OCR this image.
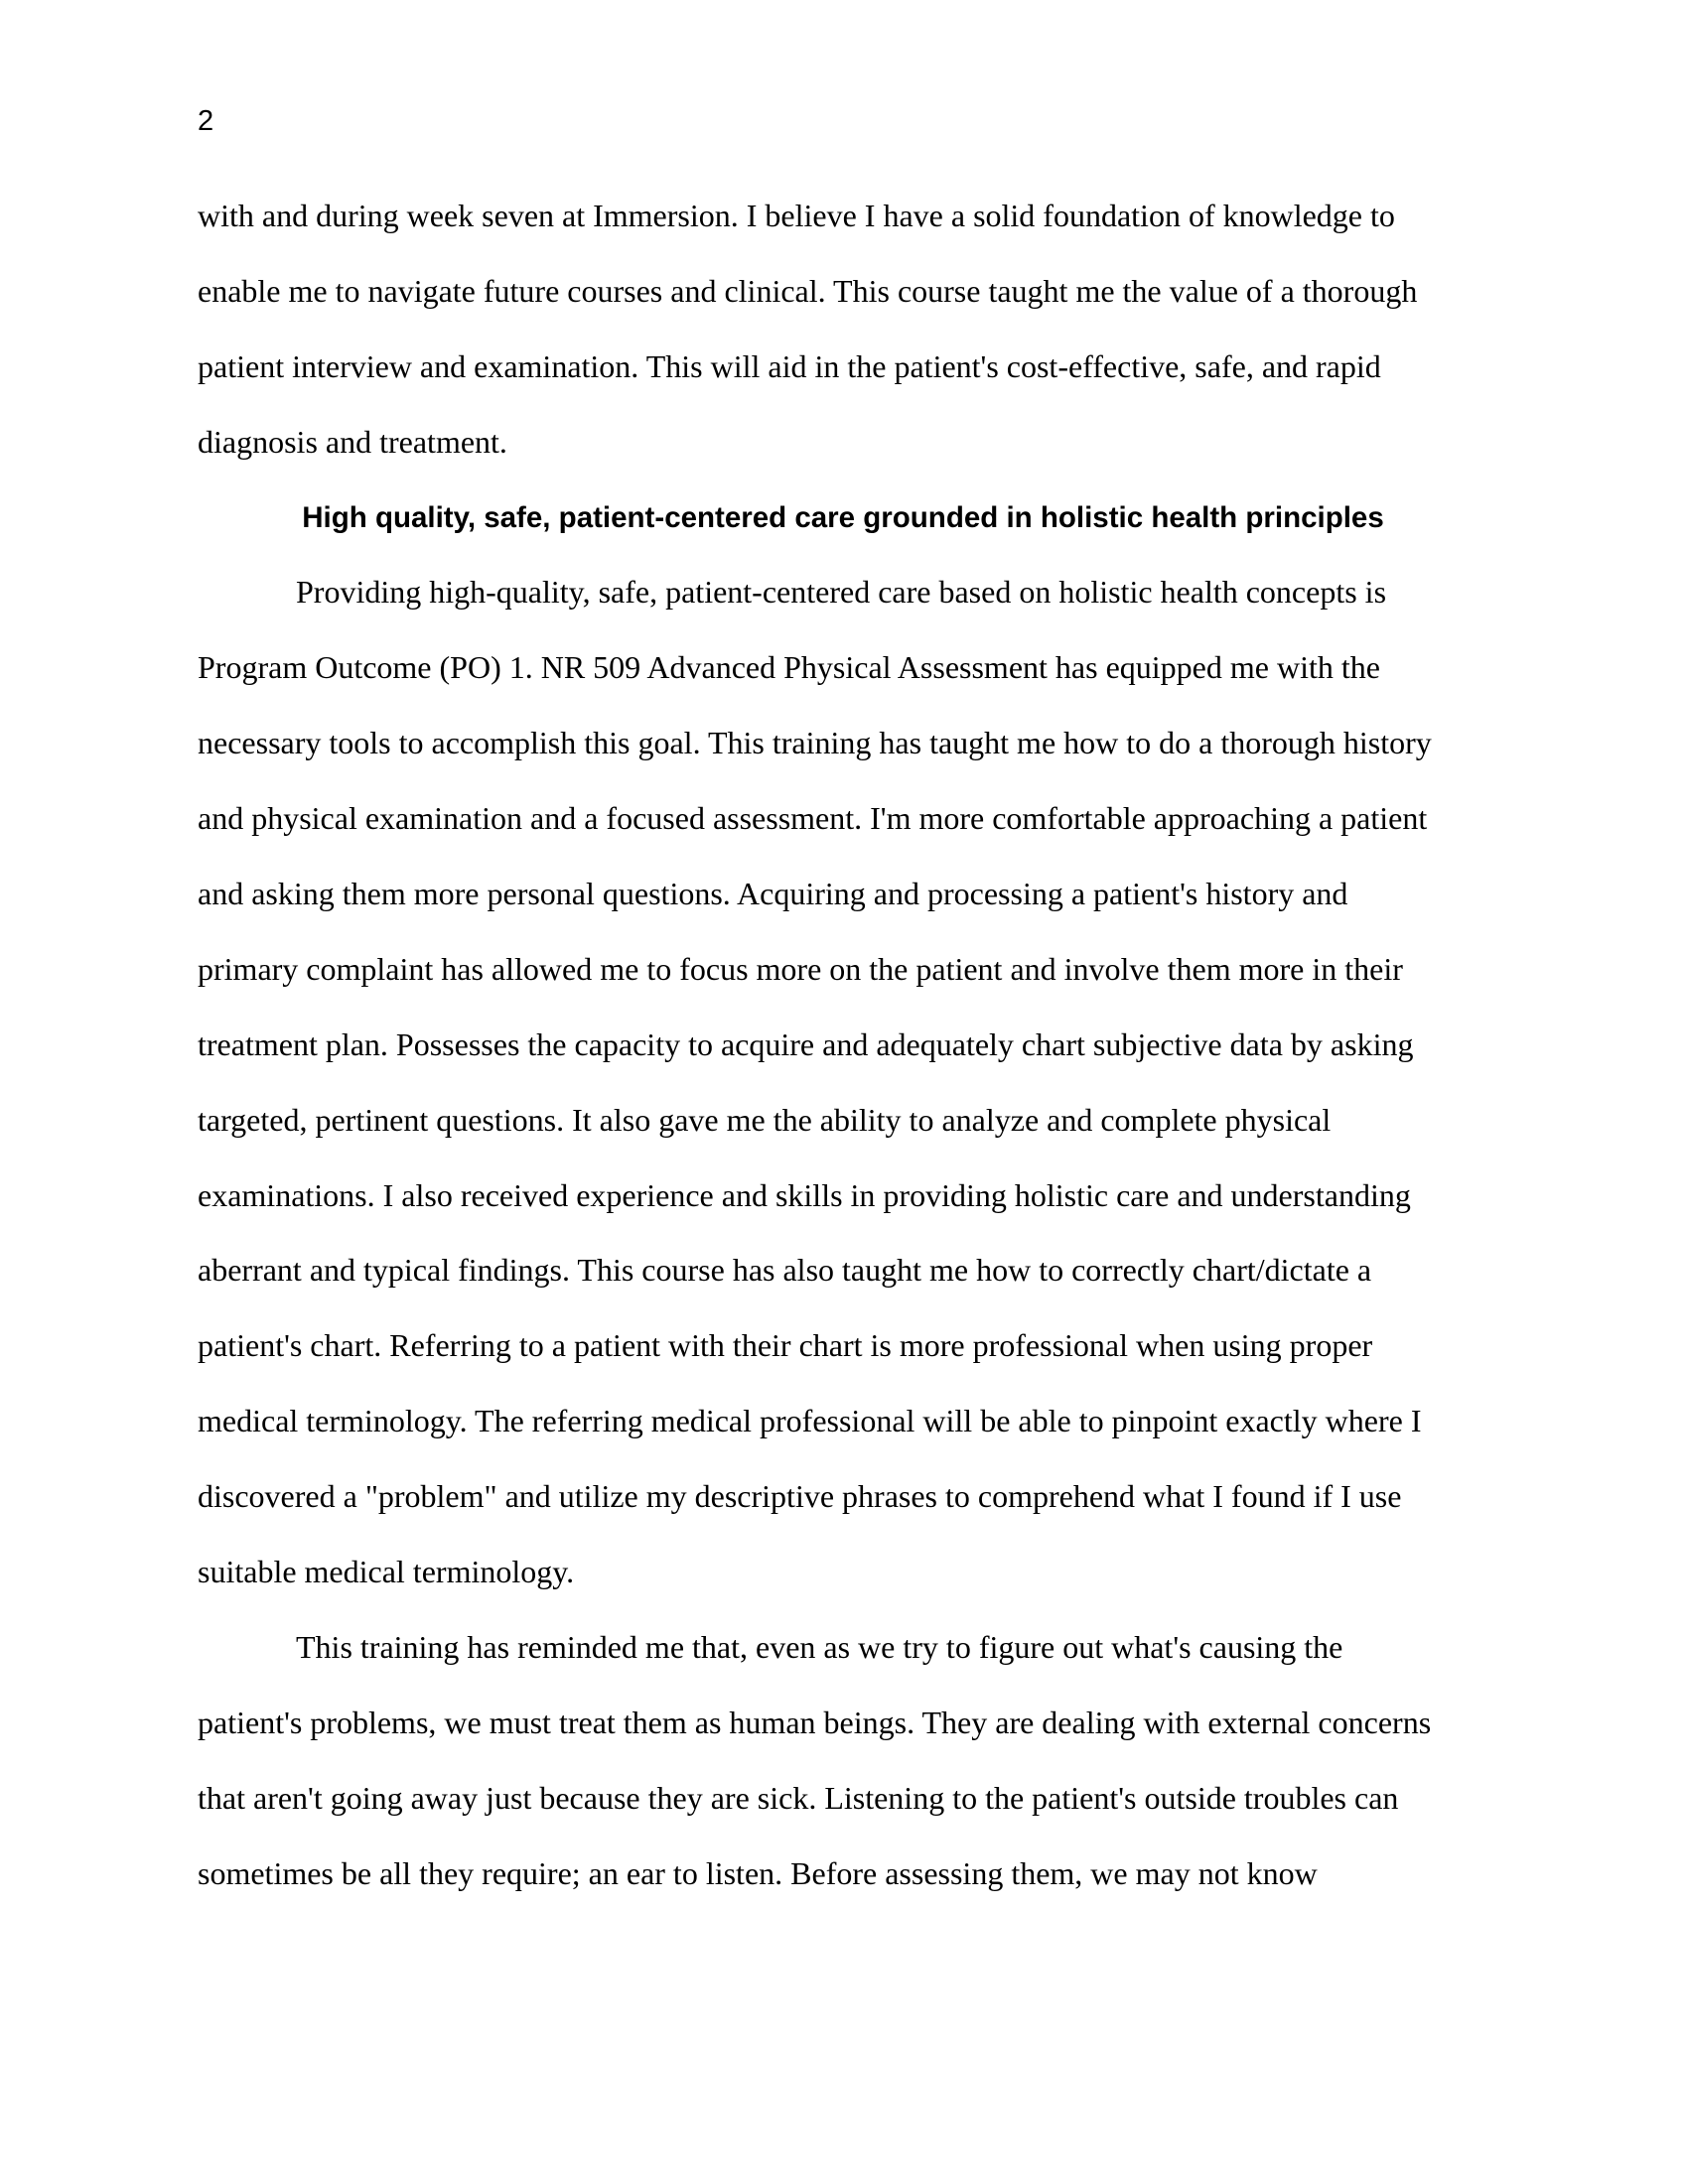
2
with and during week seven at Immersion. I believe I have a solid foundation of knowledge to
enable me to navigate future courses and clinical. This course taught me the value of a thorough
patient interview and examination. This will aid in the patient's cost-effective, safe, and rapid
diagnosis and treatment.
High quality, safe, patient-centered care grounded in holistic health principles
Providing high-quality, safe, patient-centered care based on holistic health concepts is
Program Outcome (PO) 1. NR 509 Advanced Physical Assessment has equipped me with the
necessary tools to accomplish this goal. This training has taught me how to do a thorough history
and physical examination and a focused assessment. I'm more comfortable approaching a patient
and asking them more personal questions. Acquiring and processing a patient's history and
primary complaint has allowed me to focus more on the patient and involve them more in their
treatment plan. Possesses the capacity to acquire and adequately chart subjective data by asking
targeted, pertinent questions. It also gave me the ability to analyze and complete physical
examinations. I also received experience and skills in providing holistic care and understanding
aberrant and typical findings. This course has also taught me how to correctly chart/dictate a
patient's chart. Referring to a patient with their chart is more professional when using proper
medical terminology. The referring medical professional will be able to pinpoint exactly where I
discovered a "problem" and utilize my descriptive phrases to comprehend what I found if I use
suitable medical terminology.
This training has reminded me that, even as we try to figure out what's causing the
patient's problems, we must treat them as human beings. They are dealing with external concerns
that aren't going away just because they are sick. Listening to the patient's outside troubles can
sometimes be all they require; an ear to listen. Before assessing them, we may not know
